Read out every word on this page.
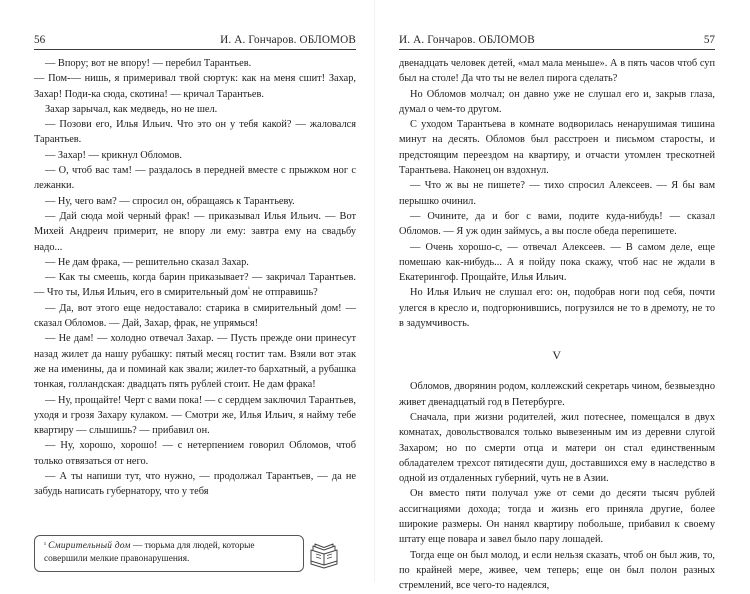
56	И. А. Гончаров. ОБЛОМОВ

— Впору; вот не впору! — перебил Тарантьев.

— Пом-— нишь, я примеривал твой сюртук: как на меня сшит! Захар, Захар! Поди-ка сюда, скотина! — кричал Тарантьев.

Захар зарычал, как медведь, но не шел.

— Позови его, Илья Ильич. Что это он у тебя какой? — жаловался Тарантьев.

— Захар! — крикнул Обломов.

— О, чтоб вас там! — раздалось в передней вместе с прыжком ног с лежанки.

— Ну, чего вам? — спросил он, обращаясь к Тарантьеву.

— Дай сюда мой черный фрак! — приказывал Илья Ильич. — Вот Михей Андреич примерит, не впору ли ему: завтра ему на свадьбу надо...

— Не дам фрака, — решительно сказал Захар.

— Как ты смеешь, когда барин приказывает? — закричал Тарантьев. — Что ты, Илья Ильич, его в смирительный дом$^{^1}$ не отправишь?

— Да, вот этого еще недоставало: старика в смирительный дом! — сказал Обломов. — Дай, Захар, фрак, не упрямься!

— Не дам! — холодно отвечал Захар. — Пусть прежде они принесут назад жилет да нашу рубашку: пятый месяц гостит там. Взяли вот этак же на именины, да и поминай как звали; жилет-то бархатный, а рубашка тонкая, голландская: двадцать пять рублей стоит. Не дам фрака!

— Ну, прощайте! Черт с вами пока! — с сердцем заключил Тарантьев, уходя и грозя Захару кулаком. — Смотри же, Илья Ильич, я найму тебе квартиру — слышишь? — прибавил он.

— Ну, хорошо, хорошо! — с нетерпением говорил Обломов, чтоб только отвязаться от него.

— А ты напиши тут, что нужно, — продолжал Тарантьев, — да не забудь написать губернатору, что у тебя

$^{^1}$ Смирительный дом — тюрьма для людей, которые совершили мелкие правонарушения.
И. А. Гончаров. ОБЛОМОВ	57

двенадцать человек детей, «мал мала меньше». А в пять часов чтоб суп был на столе! Да что ты не велел пирога сделать?

Но Обломов молчал; он давно уже не слушал его и, закрыв глаза, думал о чем-то другом.

С уходом Тарантьева в комнате водворилась ненарушимая тишина минут на десять. Обломов был расстроен и письмом старосты, и предстоящим переездом на квартиру, и отчасти утомлен трескотней Тарантьева. Наконец он вздохнул.

— Что ж вы не пишете? — тихо спросил Алексеев. — Я бы вам перышко очинил.

— Очините, да и бог с вами, подите куда-нибудь! — сказал Обломов. — Я уж один займусь, а вы после обеда перепишете.

— Очень хорошо-с, — отвечал Алексеев. — В самом деле, еще помешаю как-нибудь... А я пойду пока скажу, чтоб нас не ждали в Екатерингоф. Прощайте, Илья Ильич.

Но Илья Ильич не слушал его: он, подобрав ноги под себя, почти улегся в кресло и, подгорюнившись, погрузился не то в дремоту, не то в задумчивость.

V

Обломов, дворянин родом, коллежский секретарь чином, безвыездно живет двенадцатый год в Петербурге.

Сначала, при жизни родителей, жил потеснее, помещался в двух комнатах, довольствовался только вывезенным им из деревни слугой Захаром; но по смерти отца и матери он стал единственным обладателем трехсот пятидесяти душ, доставшихся ему в наследство в одной из отдаленных губерний, чуть не в Азии.

Он вместо пяти получал уже от семи до десяти тысяч рублей ассигнациями дохода; тогда и жизнь его приняла другие, более широкие размеры. Он нанял квартиру побольше, прибавил к своему штату еще повара и завел было пару лошадей.

Тогда еще он был молод, и если нельзя сказать, чтоб он был жив, то, по крайней мере, живее, чем теперь; еще он был полон разных стремлений, все чего-то надеялся,
